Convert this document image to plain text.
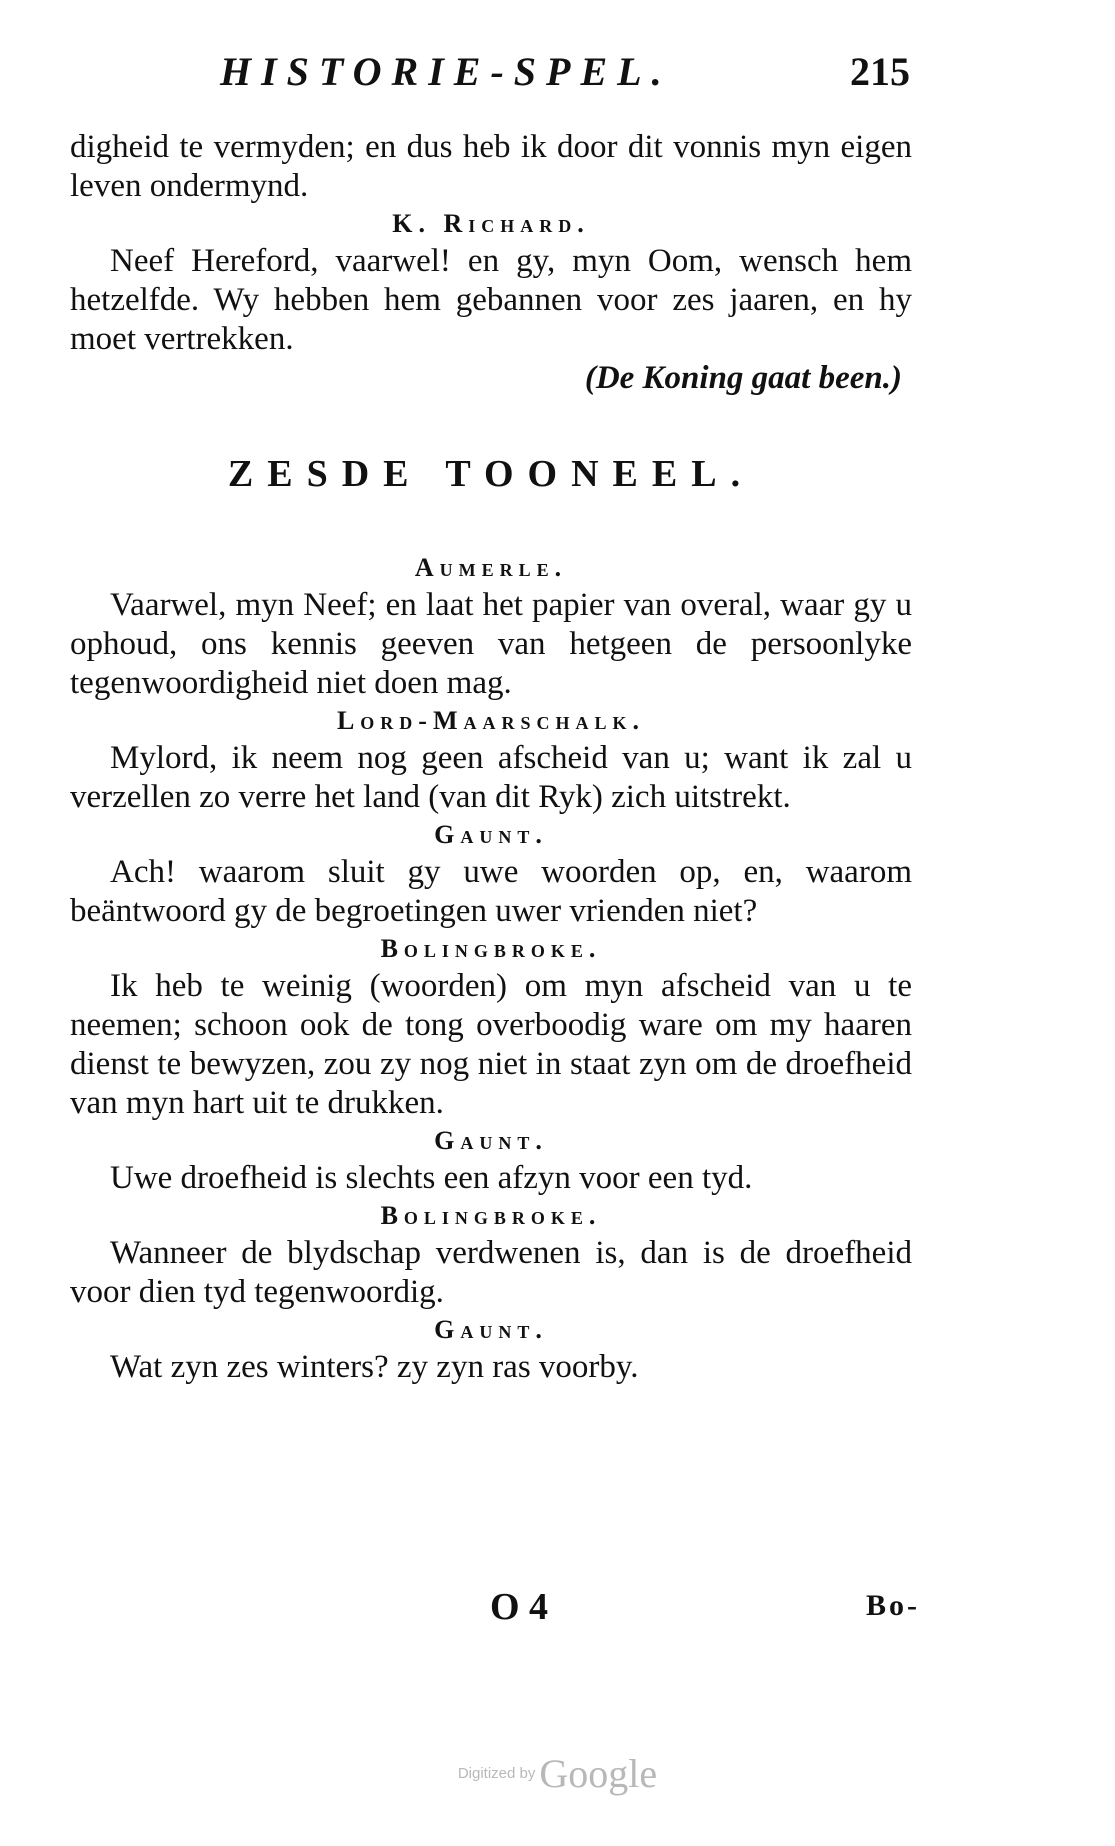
HISTORIE-SPEL.	215

digheid te vermyden; en dus heb ik door dit vonnis myn eigen leven ondermynd.

K. Richard.

Neef Hereford, vaarwel! en gy, myn Oom, wensch hem hetzelfde. Wy hebben hem gebannen voor zes jaaren, en hy moet vertrekken.

(De Koning gaat been.)

ZESDE TOONEEL.

Aumerle.

Vaarwel, myn Neef; en laat het papier van overal, waar gy u ophoud, ons kennis geeven van hetgeen de persoonlyke tegenwoordigheid niet doen mag.

Lord-Maarschalk.

Mylord, ik neem nog geen afscheid van u; want ik zal u verzellen zo verre het land (van dit Ryk) zich uitstrekt.

Gaunt.

Ach! waarom sluit gy uwe woorden op, en, waarom beäntwoord gy de begroetingen uwer vrienden niet?

Bolingbroke.

Ik heb te weinig (woorden) om myn afscheid van u te neemen; schoon ook de tong overboodig ware om my haaren dienst te bewyzen, zou zy nog niet in staat zyn om de droefheid van myn hart uit te drukken.

Gaunt.

Uwe droefheid is slechts een afzyn voor een tyd.

Bolingbroke.

Wanneer de blydschap verdwenen is, dan is de droefheid voor dien tyd tegenwoordig.

Gaunt.

Wat zyn zes winters? zy zyn ras voorby.

O 4	Bo-
Digitized by Google
